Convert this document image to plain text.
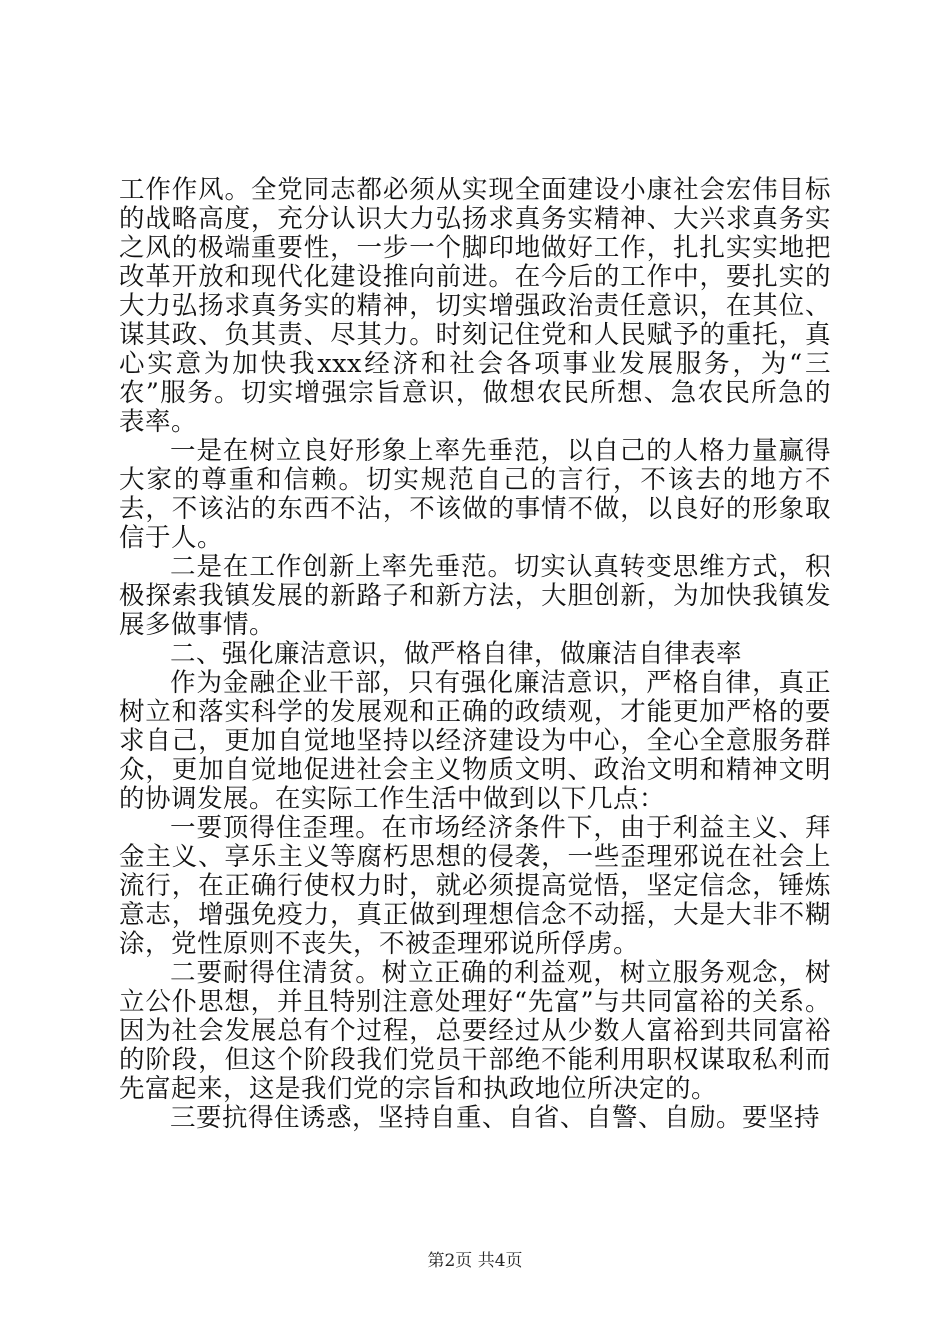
工作作风。全党同志都必须从实现全面建设小康社会宏伟目标的战略高度，充分认识大力弘扬求真务实精神、大兴求真务实之风的极端重要性，一步一个脚印地做好工作，扎扎实实地把改革开放和现代化建设推向前进。在今后的工作中，要扎实的大力弘扬求真务实的精神，切实增强政治责任意识，在其位、谋其政、负其责、尽其力。时刻记住党和人民赋予的重托，真心实意为加快我xxx经济和社会各项事业发展服务，为“三农”服务。切实增强宗旨意识，做想农民所想、急农民所急的表率。

一是在树立良好形象上率先垂范，以自己的人格力量赢得大家的尊重和信赖。切实规范自己的言行，不该去的地方不去，不该沾的东西不沾，不该做的事情不做，以良好的形象取信于人。

二是在工作创新上率先垂范。切实认真转变思维方式，积极探索我镇发展的新路子和新方法，大胆创新，为加快我镇发展多做事情。

二、强化廉洁意识，做严格自律，做廉洁自律表率

作为金融企业干部，只有强化廉洁意识，严格自律，真正树立和落实科学的发展观和正确的政绩观，才能更加严格的要求自己，更加自觉地坚持以经济建设为中心，全心全意服务群众，更加自觉地促进社会主义物质文明、政治文明和精神文明的协调发展。在实际工作生活中做到以下几点：

一要顶得住歪理。在市场经济条件下，由于利益主义、拜金主义、享乐主义等腐朽思想的侵袭，一些歪理邪说在社会上流行，在正确行使权力时，就必须提高觉悟，坚定信念，锤炼意志，增强免疫力，真正做到理想信念不动摇，大是大非不糊涂，党性原则不丧失，不被歪理邪说所俘虏。

二要耐得住清贫。树立正确的利益观，树立服务观念，树立公仆思想，并且特别注意处理好“先富”与共同富裕的关系。因为社会发展总有个过程，总要经过从少数人富裕到共同富裕的阶段，但这个阶段我们党员干部绝不能利用职权谋取私利而先富起来，这是我们党的宗旨和执政地位所决定的。

三要抗得住诱惑，坚持自重、自省、自警、自励。要坚持

第2页 共4页
